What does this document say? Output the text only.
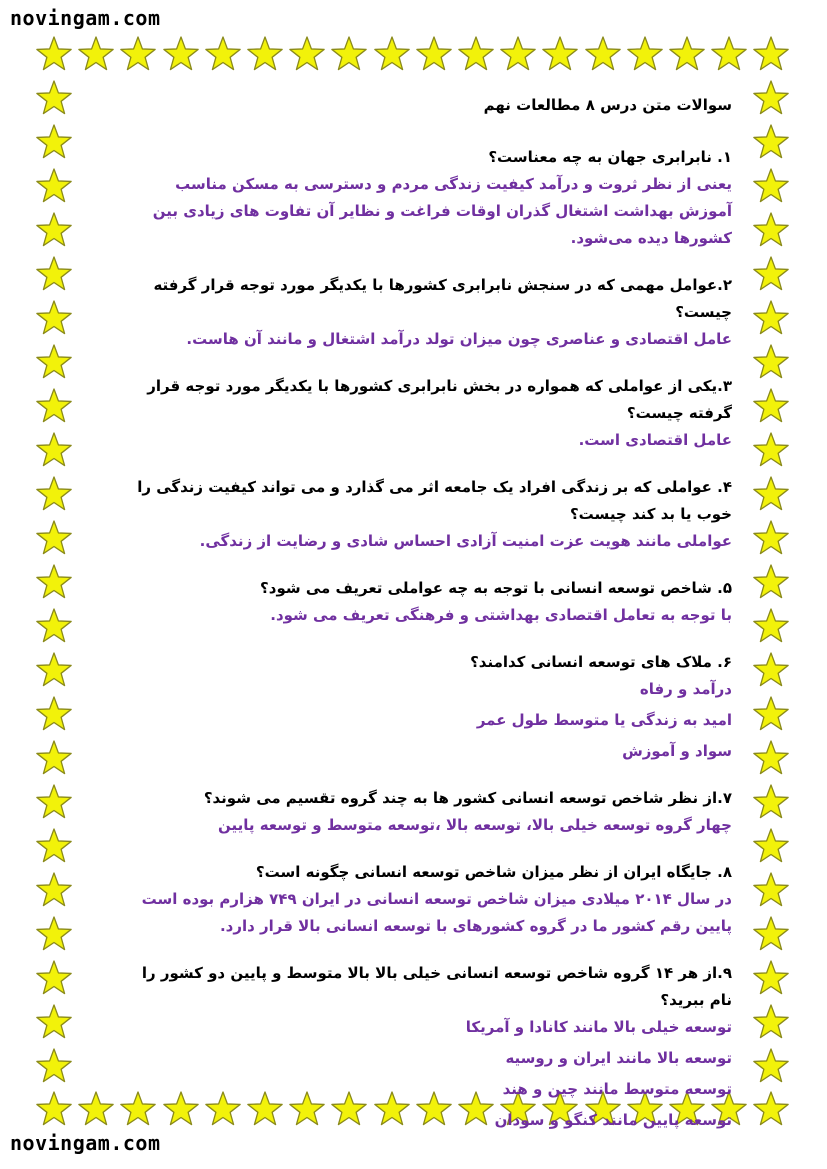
novingam.com
novingam.com
سوالات متن درس ۸ مطالعات نهم
۱. نابرابری جهان به چه معناست؟
یعنی از نظر ثروت و درآمد کیفیت زندگی مردم و دسترسی به مسکن مناسب آموزش بهداشت اشتغال گذران اوقات فراغت و نظایر آن تفاوت های زیادی بین کشورها دیده می‌شود.
۲.عوامل مهمی که در سنجش نابرابری کشورها با یکدیگر مورد توجه قرار گرفته چیست؟
عامل اقتصادی و عناصری چون میزان تولد درآمد اشتغال و مانند آن هاست.
۳.یکی از عواملی که همواره در بخش نابرابری کشورها با یکدیگر مورد توجه قرار گرفته چیست؟
عامل اقتصادی است.
۴. عواملی که بر زندگی افراد یک جامعه اثر می گذارد و می تواند کیفیت زندگی را خوب یا بد کند چیست؟
عواملی مانند هویت عزت امنیت آزادی احساس شادی و رضایت از زندگی.
۵. شاخص توسعه انسانی با توجه به چه عواملی تعریف می شود؟
با توجه به تعامل اقتصادی بهداشتی و فرهنگی تعریف می شود.
۶. ملاک های توسعه انسانی کدامند؟
درآمد و رفاه
امید به زندگی یا متوسط طول عمر
سواد و آموزش
۷.از نظر شاخص توسعه انسانی کشور ها به چند گروه تقسیم می شوند؟
چهار گروه توسعه خیلی بالا، توسعه بالا ،توسعه متوسط و توسعه پایین
۸. جایگاه ایران از نظر میزان شاخص توسعه انسانی چگونه است؟
در سال ۲۰۱۴ میلادی میزان شاخص توسعه انسانی در ایران ۷۴۹ هزارم بوده است پایین رقم کشور ما در گروه کشورهای با توسعه انسانی بالا قرار دارد.
۹.از هر ۱۴ گروه شاخص توسعه انسانی خیلی بالا بالا متوسط و پایین دو کشور را نام ببرید؟
توسعه خیلی بالا مانند کانادا و آمریکا
توسعه بالا مانند ایران و روسیه
توسعه متوسط مانند چین و هند
توسعه پایین مانند کنگو و سودان
